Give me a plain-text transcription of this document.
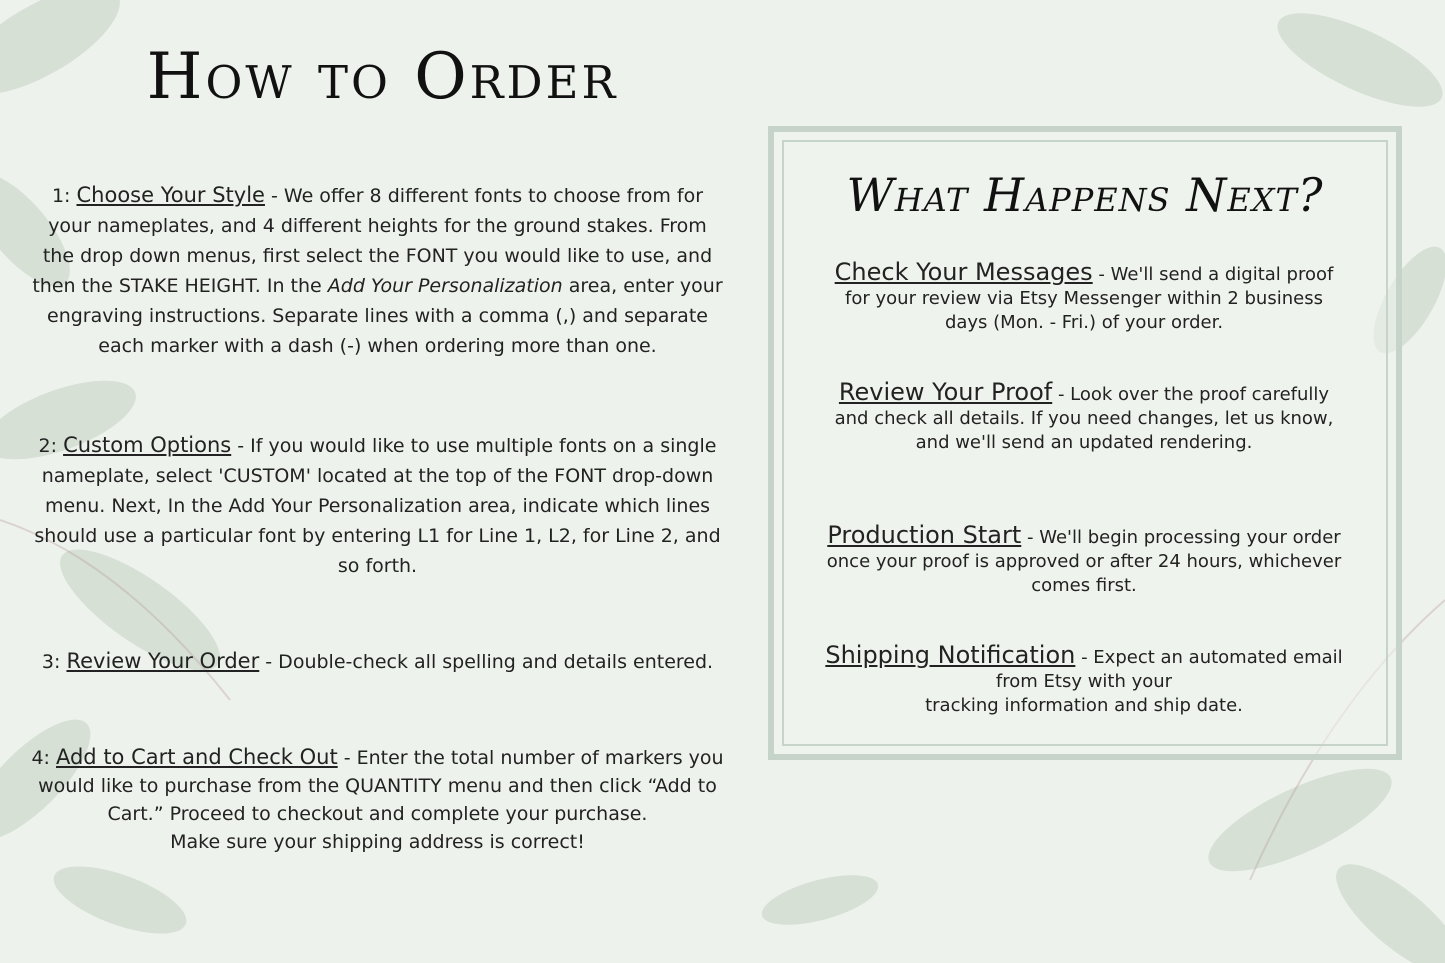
How to Order
1: Choose Your Style - We offer 8 different fonts to choose from for your nameplates, and 4 different heights for the ground stakes. From the drop down menus, first select the FONT you would like to use, and then the STAKE HEIGHT. In the Add Your Personalization area, enter your engraving instructions. Separate lines with a comma (,) and separate each marker with a dash (-) when ordering more than one.
2: Custom Options - If you would like to use multiple fonts on a single nameplate, select 'CUSTOM' located at the top of the FONT drop-down menu. Next, In the Add Your Personalization area, indicate which lines should use a particular font by entering L1 for Line 1, L2, for Line 2, and so forth.
3: Review Your Order - Double-check all spelling and details entered.
4: Add to Cart and Check Out - Enter the total number of markers you would like to purchase from the QUANTITY menu and then click “Add to Cart.” Proceed to checkout and complete your purchase.
Make sure your shipping address is correct!
What Happens Next?
Check Your Messages - We'll send a digital proof for your review via Etsy Messenger within 2 business days (Mon. - Fri.) of your order.
Review Your Proof - Look over the proof carefully and check all details. If you need changes, let us know, and we'll send an updated rendering.
Production Start - We'll begin processing your order once your proof is approved or after 24 hours, whichever comes first.
Shipping Notification - Expect an automated email from Etsy with your
tracking information and ship date.
